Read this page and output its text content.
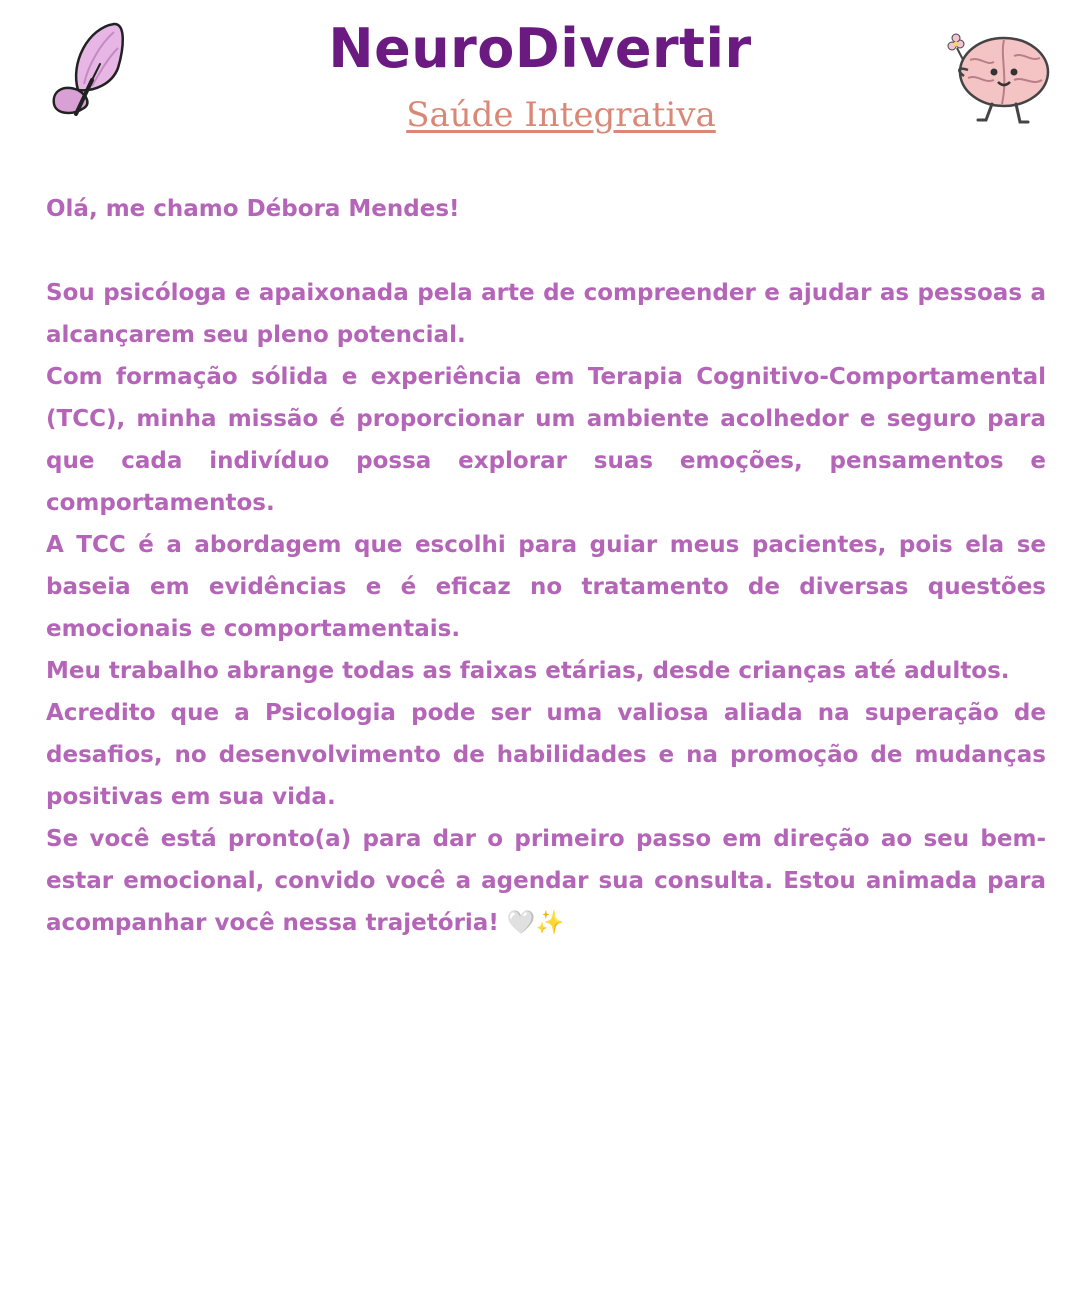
NeuroDivertir
Saúde Integrativa

Olá, me chamo Débora Mendes!

Sou psicóloga e apaixonada pela arte de compreender e ajudar as pessoas a alcançarem seu pleno potencial.

Com formação sólida e experiência em Terapia Cognitivo-Comportamental (TCC), minha missão é proporcionar um ambiente acolhedor e seguro para que cada indivíduo possa explorar suas emoções, pensamentos e comportamentos.

A TCC é a abordagem que escolhi para guiar meus pacientes, pois ela se baseia em evidências e é eficaz no tratamento de diversas questões emocionais e comportamentais.

Meu trabalho abrange todas as faixas etárias, desde crianças até adultos.

Acredito que a Psicologia pode ser uma valiosa aliada na superação de desafios, no desenvolvimento de habilidades e na promoção de mudanças positivas em sua vida.

Se você está pronto(a) para dar o primeiro passo em direção ao seu bem-estar emocional, convido você a agendar sua consulta. Estou animada para acompanhar você nessa trajetória! 🤍✨
